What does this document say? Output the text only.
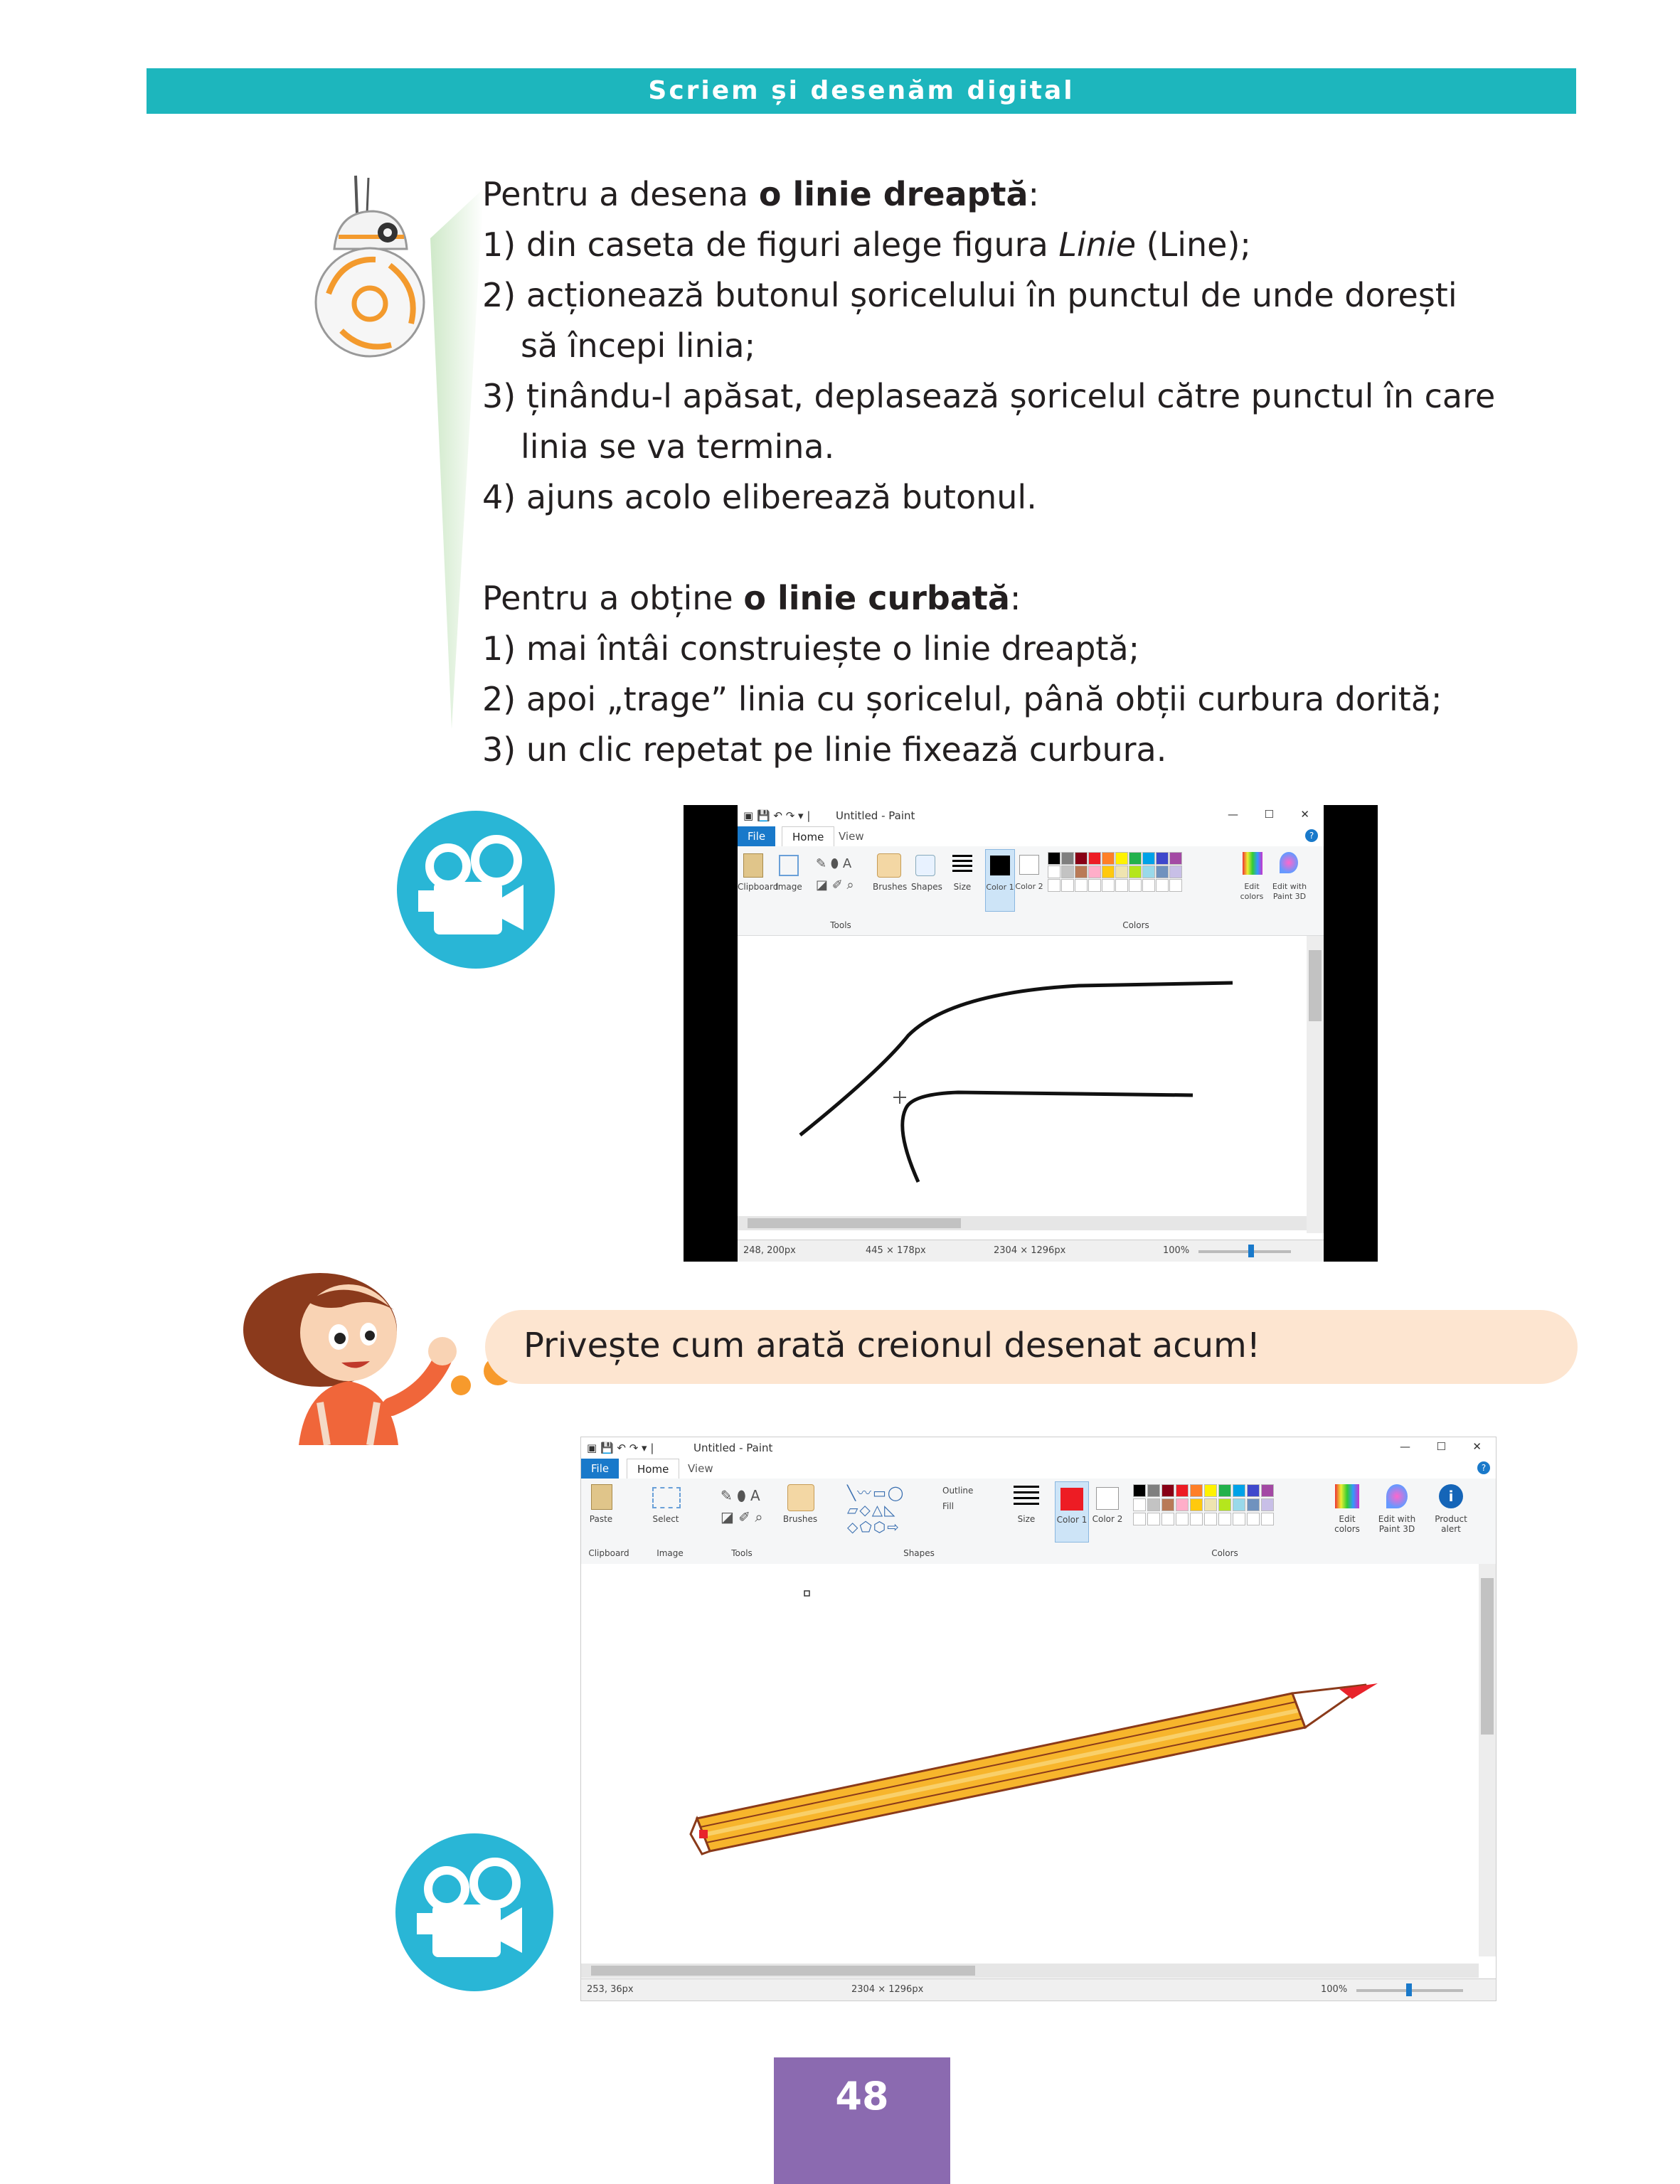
Scriem și desenăm digital
Pentru a desena o linie dreaptă:
1) din caseta de figuri alege figura Linie (Line);
2) acționează butonul șoricelului în punctul de unde dorești
să începi linia;
3) ținându-l apăsat, deplasează șoricelul către punctul în care
linia se va termina.
4) ajuns acolo eliberează butonul.
Pentru a obține o linie curbată:
1) mai întâi construiește o linie dreaptă;
2) apoi „trage” linia cu șoricelul, până obții curbura dorită;
3) un clic repetat pe linie fixează curbura.
▣ 💾 ↶ ↷ ▾ | Untitled - Paint	— ☐ ✕
File	Home	View	?
Clipboard
Image
✎ ⬮ A
◪ ✐ ⌕
Tools
Brushes Shapes	Size	Color 1 Color 2	Edit colors
Edit with Paint 3D
Colors
248, 200px	445 × 178px	2304 × 1296px	100%
Privește cum arată creionul desenat acum!
▣ 💾 ↶ ↷ ▾ |	Untitled - Paint	— ☐ ✕
File	Home	View	?
Paste	Select
✎ ⬮ A
◪ ✐ ⌕ Brushes
╲〰▭◯
▱◇△◺
◇⬠⬡⇨
Outline
Fill
Size	Color 1 Color 2	Edit colors
Edit with Paint 3D
i
Product alert
Clipboard	Image	Tools	Shapes	Colors
253, 36px	2304 × 1296px	100%
48
